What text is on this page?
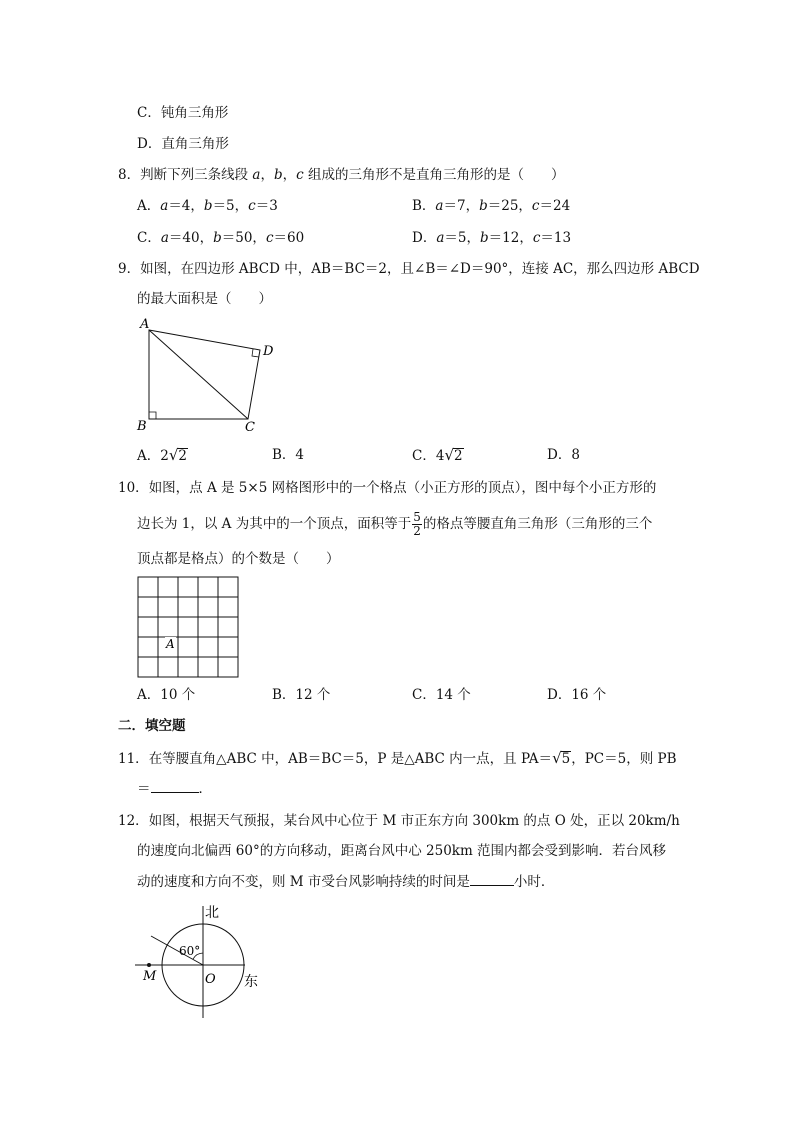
C．钝角三角形
D．直角三角形
8．判断下列三条线段 a，b，c 组成的三角形不是直角三角形的是（　　）
A．a＝4，b＝5，c＝3	B．a＝7，b＝25，c＝24
C．a＝40，b＝50，c＝60	D．a＝5，b＝12，c＝13
9．如图，在四边形 ABCD 中，AB＝BC＝2，且∠B＝∠D＝90°，连接 AC，那么四边形 ABCD
的最大面积是（　　）
A
B	C
D
A．2√2	B．4	C．4√2	D．8
10．如图，点 A 是 5×5 网格图形中的一个格点（小正方形的顶点），图中每个小正方形的
边长为 1，以 A 为其中的一个顶点，面积等于 $\frac{5}{2}$ 的格点等腰直角三角形（三角形的三个
顶点都是格点）的个数是（　　）
A
A．10 个	B．12 个	C．14 个	D．16 个
二．填空题
11．在等腰直角△ABC 中，AB＝BC＝5，P 是△ABC 内一点，且 PA＝√5，PC＝5，则 PB
＝	．
12．如图，根据天气预报，某台风中心位于 M 市正东方向 300km 的点 O 处，正以 20km/h
的速度向北偏西 60°的方向移动，距离台风中心 250km 范围内都会受到影响．若台风移
动的速度和方向不变，则 M 市受台风影响持续的时间是	小时．
北
东
60°
M	O
